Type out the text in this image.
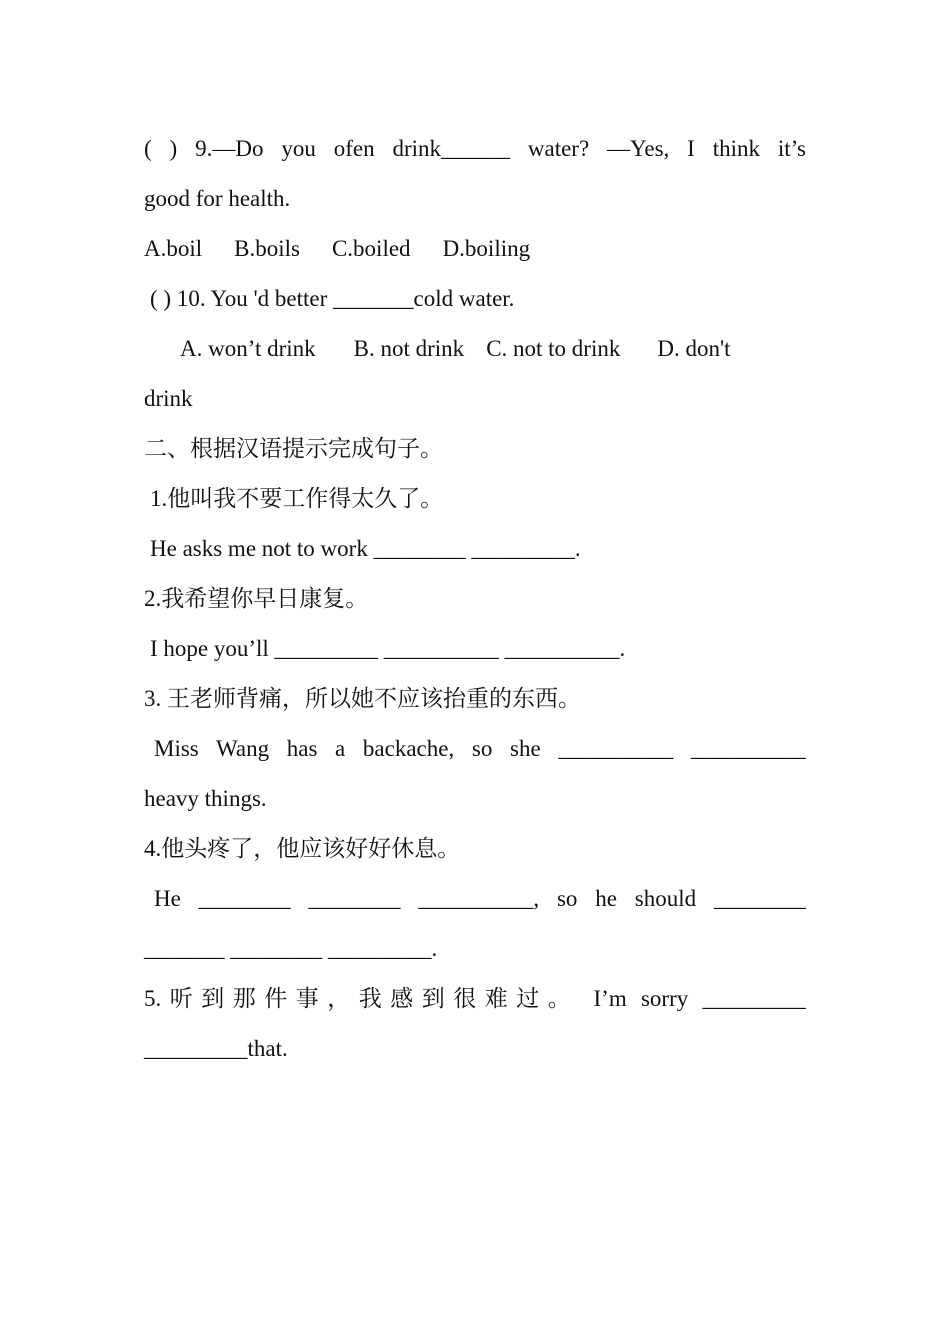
( ) 9.—Do you ofen drink______ water? —Yes, I think it’s
good for health.
A.boil B.boils C.boiled D.boiling
( ) 10. You 'd better _______cold water.
A. won’t drink B. not drink C. not to drink D. don't
drink
二、根据汉语提示完成句子。
1.他叫我不要工作得太久了。
He asks me not to work ________ _________.
2.我希望你早日康复。
I hope you’ll _________ __________ __________.
3. 王老师背痛，所以她不应该抬重的东西。
Miss Wang has a backache, so she __________ __________
heavy things.
4.他头疼了，他应该好好休息。
He ________ ________ __________, so he should ________
_______ ________ _________.
5.听到那件事，我感到很难过。 I’m sorry _________
_________that.
